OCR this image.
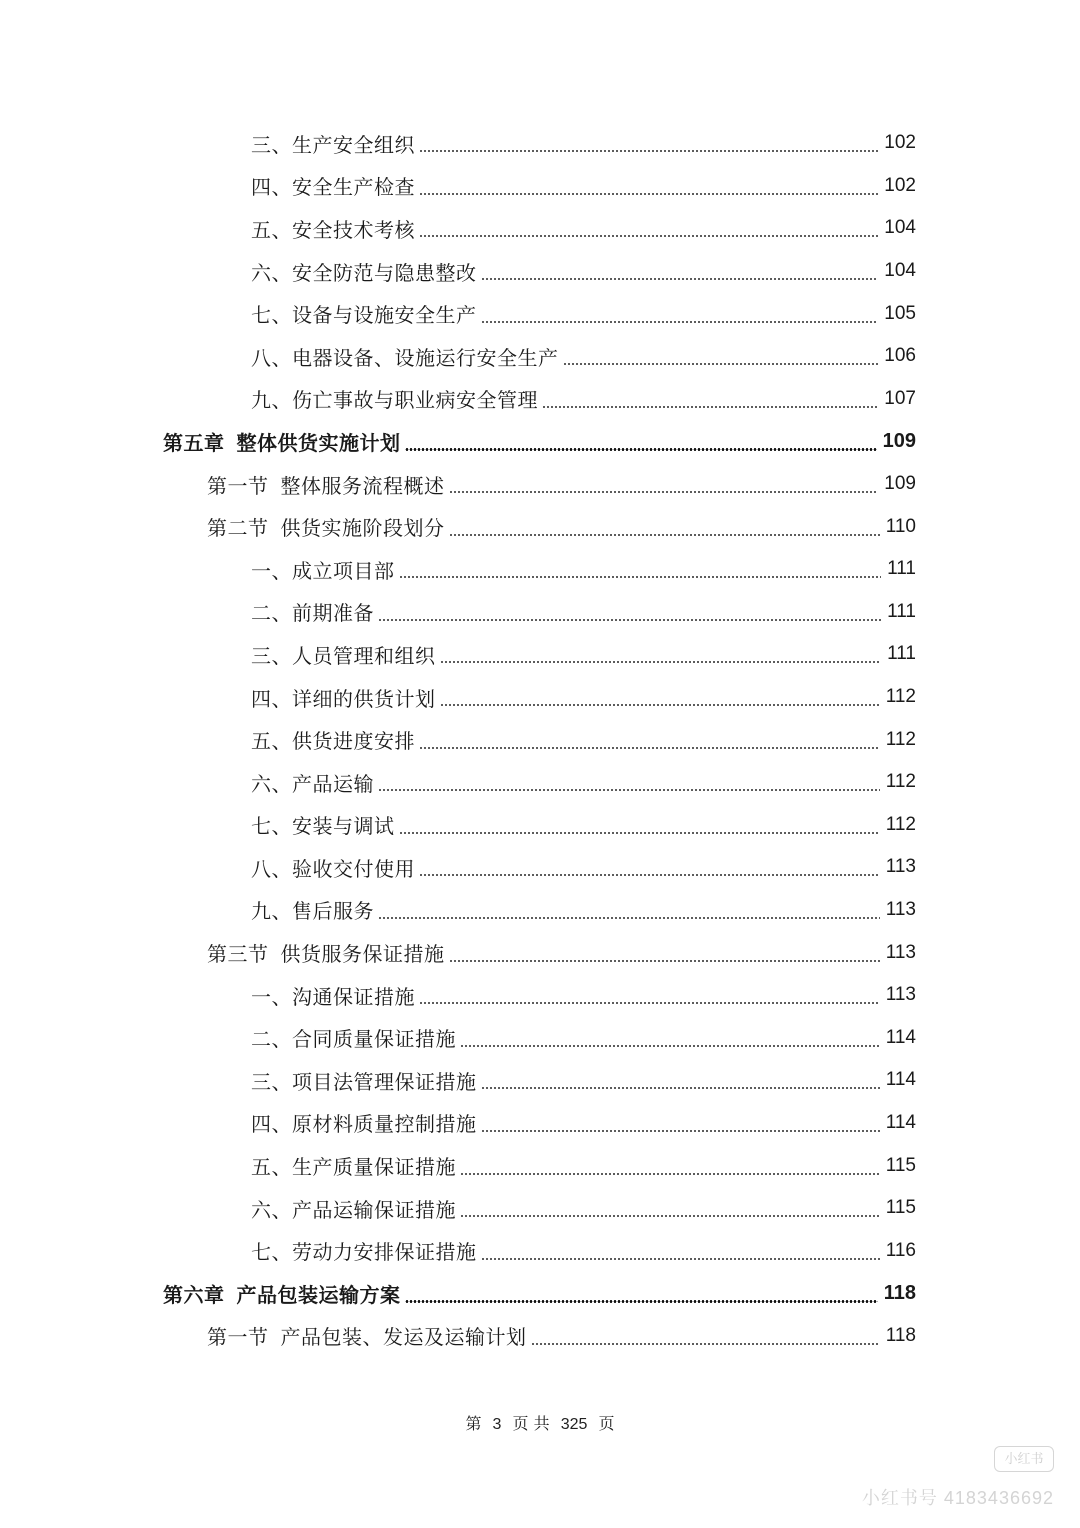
三、生产安全组织	102
四、安全生产检查	102
五、安全技术考核	104
六、安全防范与隐患整改	104
七、设备与设施安全生产	105
八、电器设备、设施运行安全生产	106
九、伤亡事故与职业病安全管理	107
第五章 整体供货实施计划	109
第一节 整体服务流程概述	109
第二节 供货实施阶段划分	110
一、成立项目部	111
二、前期准备	111
三、人员管理和组织	111
四、详细的供货计划	112
五、供货进度安排	112
六、产品运输	112
七、安装与调试	112
八、验收交付使用	113
九、售后服务	113
第三节 供货服务保证措施	113
一、沟通保证措施	113
二、合同质量保证措施	114
三、项目法管理保证措施	114
四、原材料质量控制措施	114
五、生产质量保证措施	115
六、产品运输保证措施	115
七、劳动力安排保证措施	116
第六章 产品包装运输方案	118
第一节 产品包装、发运及运输计划	118
第 3 页 共 325 页
小红书
小红书号 4183436692
